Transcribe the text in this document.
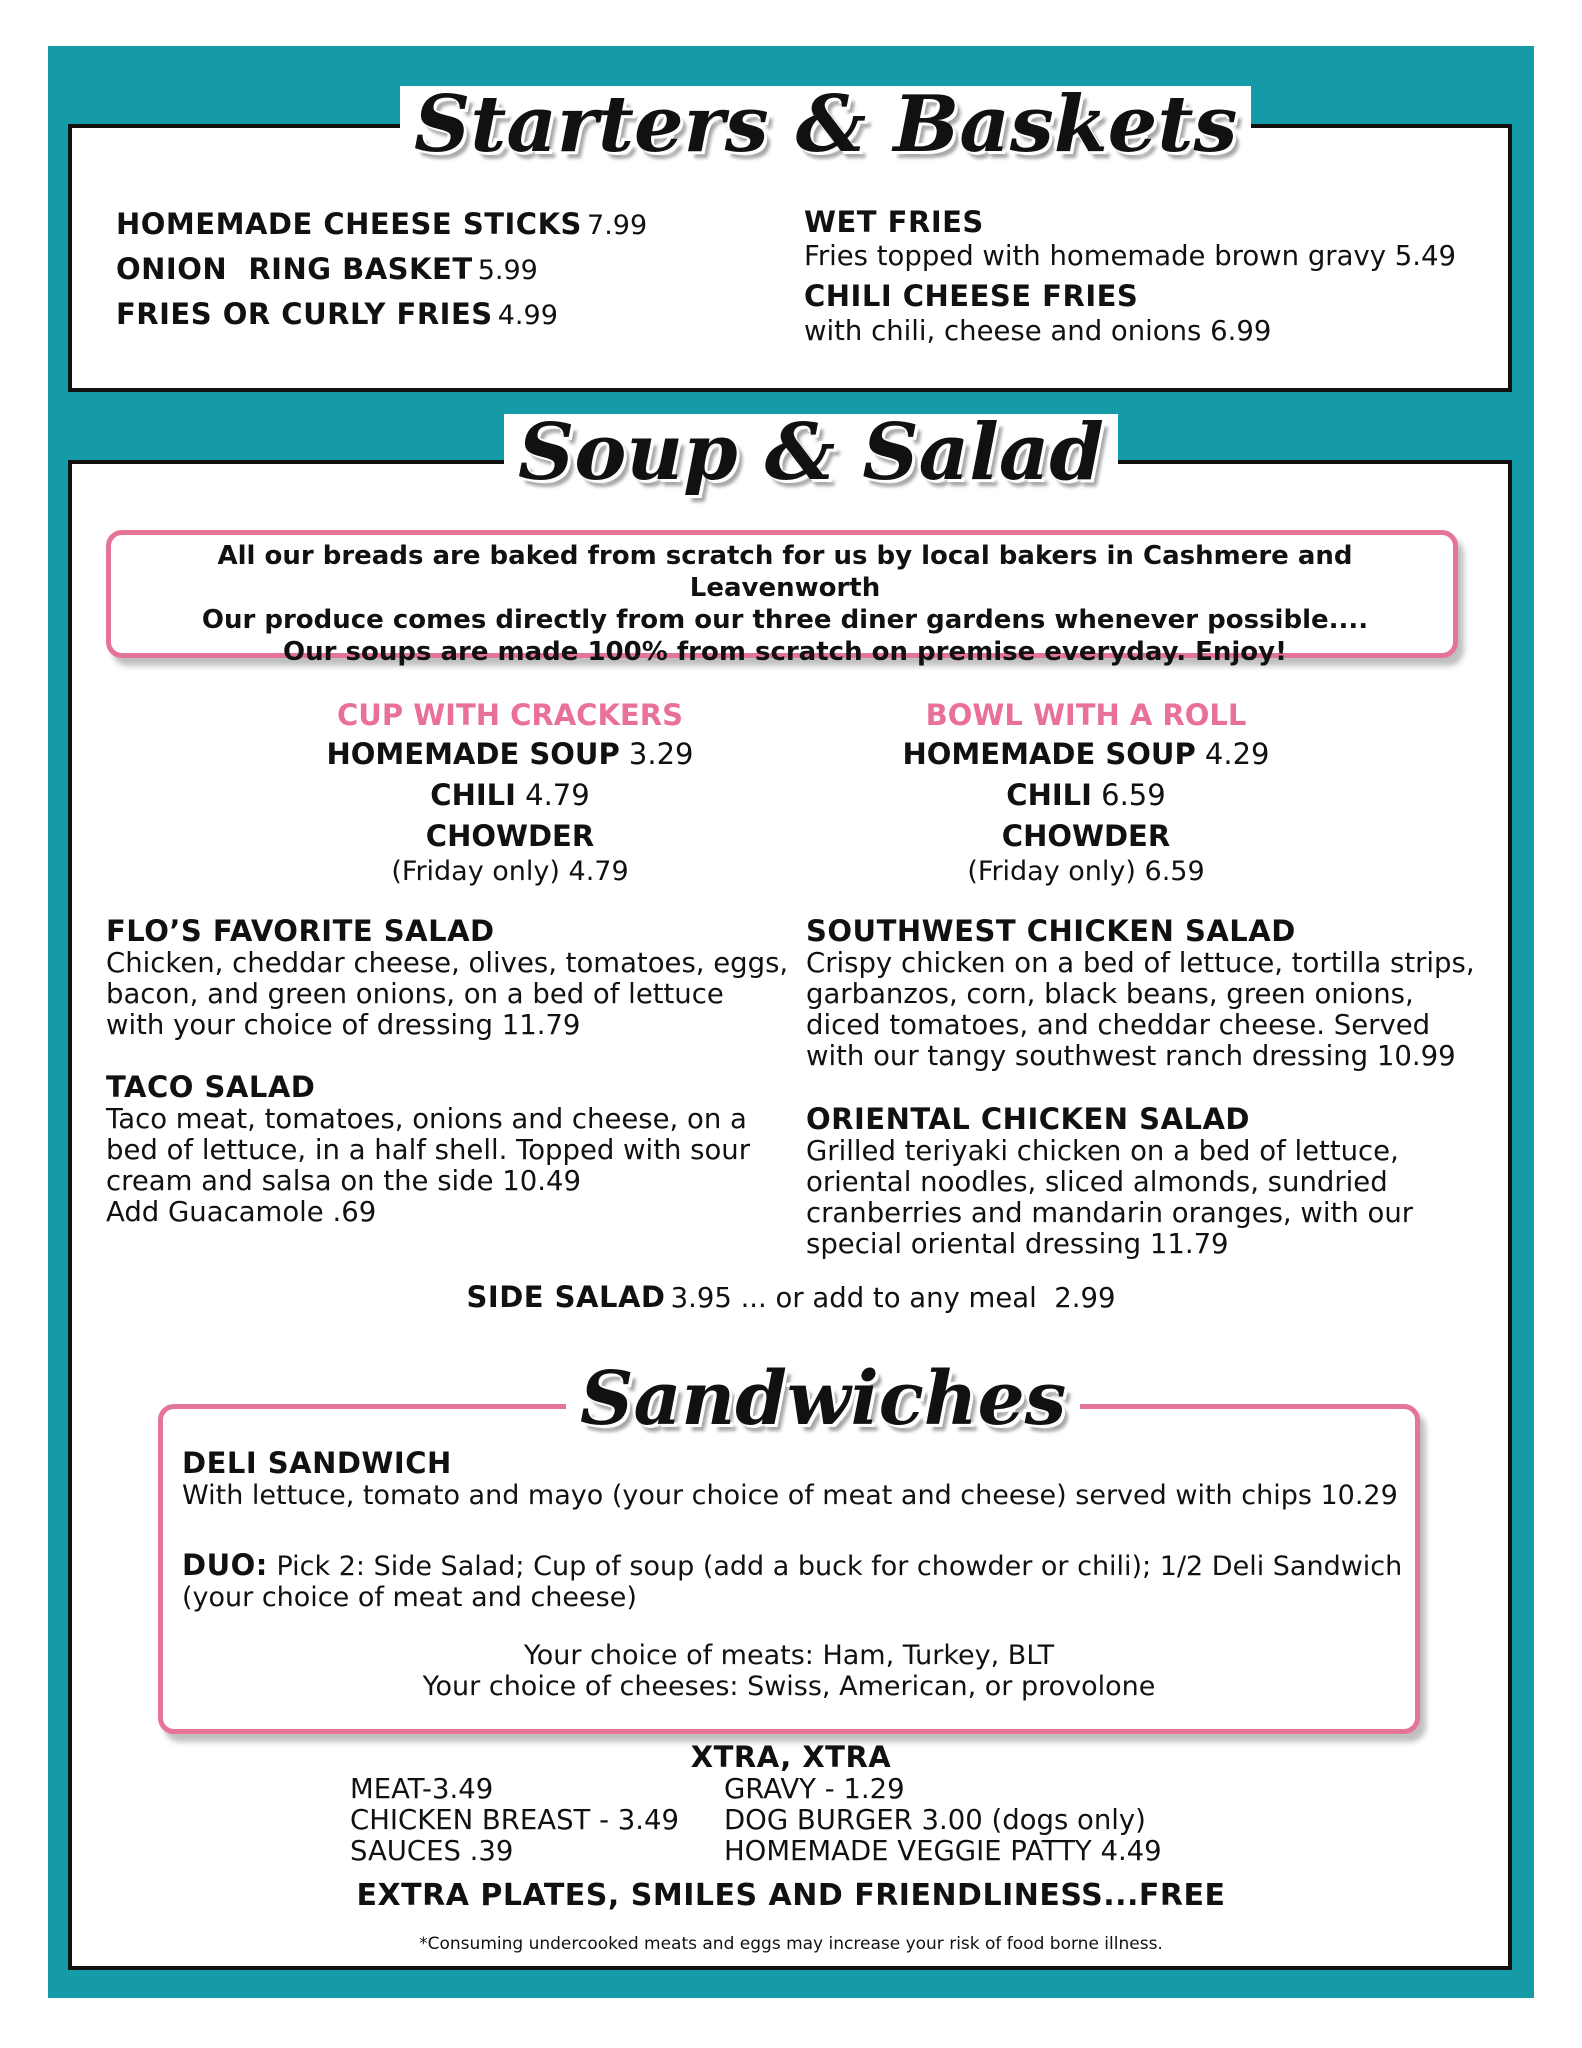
Starters & Baskets
HOMEMADE CHEESE STICKS 7.99
ONION  RING BASKET 5.99
FRIES OR CURLY FRIES 4.99
WET FRIES
Fries topped with homemade brown gravy 5.49
CHILI CHEESE FRIES
with chili, cheese and onions 6.99
Soup & Salad
All our breads are baked from scratch for us by local bakers in Cashmere and Leavenworth
Our produce comes directly from our three diner gardens whenever possible....
Our soups are made 100% from scratch on premise everyday. Enjoy!
CUP WITH CRACKERS
HOMEMADE SOUP 3.29
CHILI 4.79
CHOWDER
(Friday only) 4.79
BOWL WITH A ROLL
HOMEMADE SOUP 4.29
CHILI 6.59
CHOWDER
(Friday only) 6.59
FLO’S FAVORITE SALAD
Chicken, cheddar cheese, olives, tomatoes, eggs,
bacon, and green onions, on a bed of lettuce
with your choice of dressing 11.79
TACO SALAD
Taco meat, tomatoes, onions and cheese, on a
bed of lettuce, in a half shell. Topped with sour
cream and salsa on the side 10.49
Add Guacamole .69
SOUTHWEST CHICKEN SALAD
Crispy chicken on a bed of lettuce, tortilla strips,
garbanzos, corn, black beans, green onions,
diced tomatoes, and cheddar cheese. Served
with our tangy southwest ranch dressing 10.99
ORIENTAL CHICKEN SALAD
Grilled teriyaki chicken on a bed of lettuce,
oriental noodles, sliced almonds, sundried
cranberries and mandarin oranges, with our
special oriental dressing 11.79
SIDE SALAD 3.95 ... or add to any meal  2.99
Sandwiches
DELI SANDWICH
With lettuce, tomato and mayo (your choice of meat and cheese) served with chips 10.29
DUO: Pick 2: Side Salad; Cup of soup (add a buck for chowder or chili); 1/2 Deli Sandwich
(your choice of meat and cheese)
Your choice of meats: Ham, Turkey, BLT
Your choice of cheeses: Swiss, American, or provolone
XTRA, XTRA
MEAT-3.49
CHICKEN BREAST - 3.49
SAUCES .39
GRAVY - 1.29
DOG BURGER 3.00 (dogs only)
HOMEMADE VEGGIE PATTY 4.49
EXTRA PLATES, SMILES AND FRIENDLINESS...FREE
*Consuming undercooked meats and eggs may increase your risk of food borne illness.
